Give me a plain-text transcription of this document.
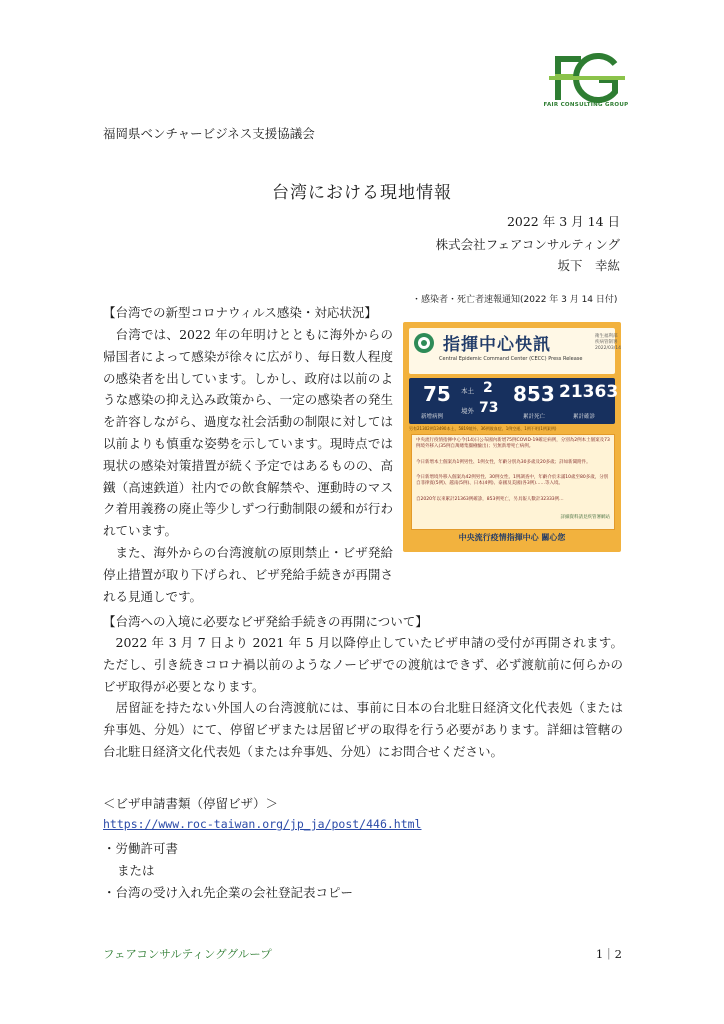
FAIR CONSULTING GROUP
福岡県ベンチャービジネス支援協議会
台湾における現地情報
2022 年 3 月 14 日
株式会社フェアコンサルティング
坂下　幸紘
【台湾での新型コロナウィルス感染・対応状況】

台湾では、2022 年の年明けとともに海外からの帰国者によって感染が徐々に広がり、毎日数人程度の感染者を出しています。しかし、政府は以前のような感染の抑え込み政策から、一定の感染者の発生を許容しながら、過度な社会活動の制限に対しては以前よりも慎重な姿勢を示しています。現時点では現状の感染対策措置が続く予定ではあるものの、高鐵（高速鉄道）社内での飲食解禁や、運動時のマスク着用義務の廃止等少しずつ行動制限の緩和が行われています。

また、海外からの台湾渡航の原則禁止・ビザ発給停止措置が取り下げられ、ビザ発給手続きが再開される見通しです。

・感染者・死亡者速報通知(2022 年 3 月 14 日付)
指揮中心快訊
Central Epidemic Command Center (CECC) Press Release
衛生福利部疾病管制署 2022/03/14
75
新增病例
本土 2
境外 73
853
累計死亡
21363
累計確診
另有21302例13490本土、5819境外、36例敗血症、1例空運、1例不明(1例案例)
中央流行疫情指揮中心今(14)日公布國內新增75例COVID-19確定病例，分別為2例本土個案及73例境外移入(35例自萬總集團檢驗出)；另無新增死亡病例。
今日新增本土個案為1例男性、1例女性，年齡分別為30多歲及20多歲；詳如新聞附件。
今日新增境外移入個案為42例男性、30例女性、1例調查中，年齡介於未滿10歲至80多歲，分別自菲律賓(5例)、越南(5例)、日本(4例)、泰國及美國(各3例)……等入境。
自2020年以來累計21363例確診，853例死亡，另具報人數計32333例…
詳細資料請見疾管署網站
中央流行疫情指揮中心 關心您
【台湾への入境に必要なビザ発給手続きの再開について】

2022 年 3 月 7 日より 2021 年 5 月以降停止していたビザ申請の受付が再開されます。ただし、引き続きコロナ禍以前のようなノービザでの渡航はできず、必ず渡航前に何らかのビザ取得が必要となります。

居留証を持たない外国人の台湾渡航には、事前に日本の台北駐日経済文化代表処（または弁事処、分処）にて、停留ビザまたは居留ビザの取得を行う必要があります。詳細は管轄の台北駐日経済文化代表処（または弁事処、分処）にお問合せください。

＜ビザ申請書類（停留ビザ）＞
https://www.roc-taiwan.org/jp_ja/post/446.html
・労働許可書
または
・台湾の受け入れ先企業の会社登記表コピー
フェアコンサルティンググループ	1｜2
